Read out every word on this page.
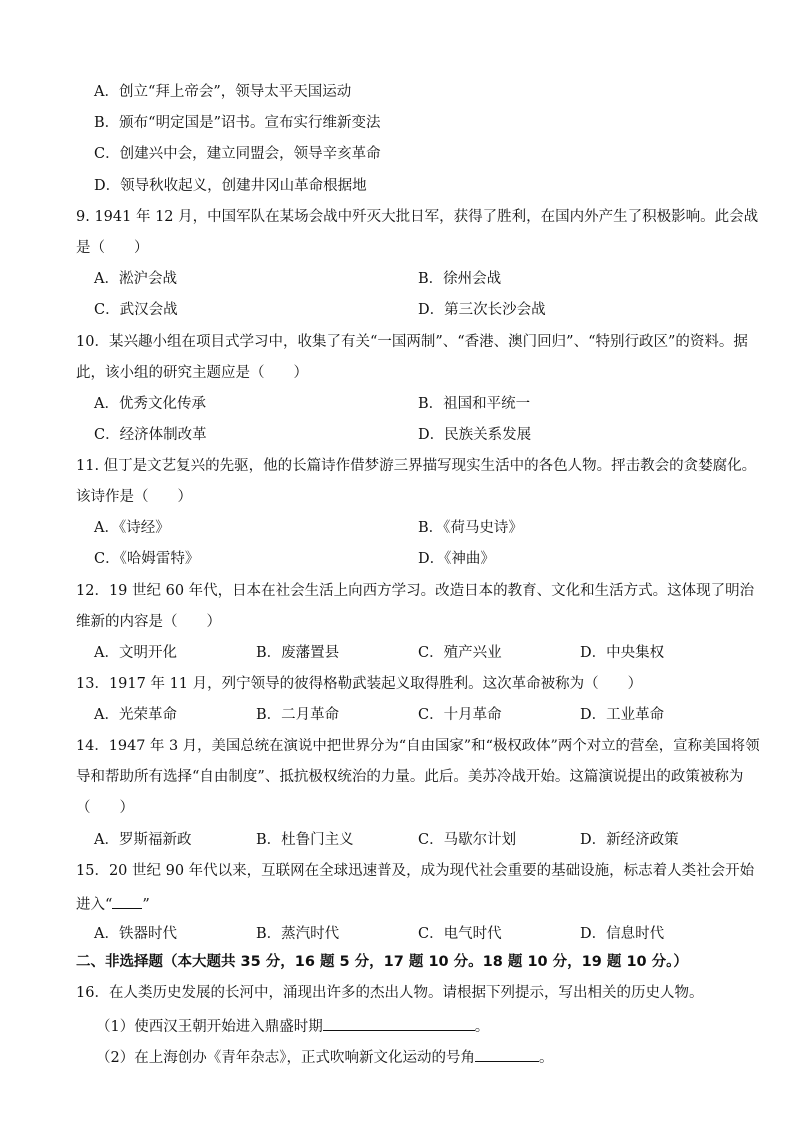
A．创立“拜上帝会”，领导太平天国运动
B．颁布“明定国是”诏书。宣布实行维新变法
C．创建兴中会，建立同盟会，领导辛亥革命
D．领导秋收起义，创建井冈山革命根据地
9. 1941 年 12 月，中国军队在某场会战中歼灭大批日军，获得了胜利，在国内外产生了积极影响。此会战
是（　　）
A．淞沪会战	B．徐州会战
C．武汉会战	D．第三次长沙会战
10．某兴趣小组在项目式学习中，收集了有关“一国两制”、“香港、澳门回归”、“特别行政区”的资料。据
此，该小组的研究主题应是（　　）
A．优秀文化传承	B．祖国和平统一
C．经济体制改革	D．民族关系发展
11. 但丁是文艺复兴的先驱，他的长篇诗作借梦游三界描写现实生活中的各色人物。抨击教会的贪婪腐化。
该诗作是（　　）
A．《诗经》	B．《荷马史诗》
C．《哈姆雷特》	D．《神曲》
12．19 世纪 60 年代，日本在社会生活上向西方学习。改造日本的教育、文化和生活方式。这体现了明治
维新的内容是（　　）
A．文明开化	B．废藩置县	C．殖产兴业	D．中央集权
13．1917 年 11 月，列宁领导的彼得格勒武装起义取得胜利。这次革命被称为（　　）
A．光荣革命	B．二月革命	C．十月革命	D．工业革命
14．1947 年 3 月，美国总统在演说中把世界分为“自由国家”和“极权政体”两个对立的营垒，宣称美国将领
导和帮助所有选择“自由制度”、抵抗极权统治的力量。此后。美苏冷战开始。这篇演说提出的政策被称为
（　　）
A．罗斯福新政	B．杜鲁门主义	C．马歇尔计划	D．新经济政策
15．20 世纪 90 年代以来，互联网在全球迅速普及，成为现代社会重要的基础设施，标志着人类社会开始
进入“ ”
A．铁器时代	B．蒸汽时代	C．电气时代	D．信息时代
二、非选择题（本大题共 35 分，16 题 5 分，17 题 10 分。18 题 10 分，19 题 10 分。）
16．在人类历史发展的长河中，涌现出许多的杰出人物。请根据下列提示，写出相关的历史人物。
（1）使西汉王朝开始进入鼎盛时期	。
（2）在上海创办《青年杂志》，正式吹响新文化运动的号角	。
